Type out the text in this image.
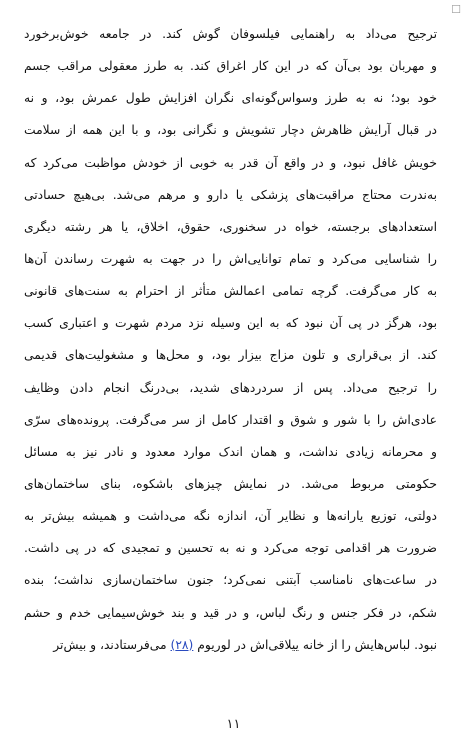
☐
ترجیح می‌داد به راهنمایی فیلسوفان گوش کند. در جامعه خوش‌برخورد
و مهربان بود بی‌آن که در این کار اغراق کند. به طرز معقولی مراقب جسم
خود بود؛ نه به طرز وسواس‌گونه‌ای نگران افزایش طول عمرش بود، و نه
در قبال آرایش ظاهرش دچار تشویش و نگرانی بود، و با این همه از سلامت
خویش غافل نبود، و در واقع آن قدر به خوبی از خودش مواظبت می‌کرد که
به‌ندرت محتاج مراقبت‌های پزشکی یا دارو و مرهم می‌شد. بی‌هیچ حسادتی
استعدادهای برجسته، خواه در سخنوری، حقوق، اخلاق، یا هر رشته دیگری
را شناسایی می‌کرد و تمام توانایی‌اش را در جهت به شهرت رساندن آن‌ها
به کار می‌گرفت. گرچه تمامی اعمالش متأثر از احترام به سنت‌های قانونی
بود، هرگز در پی آن نبود که به این وسیله نزد مردم شهرت و اعتباری کسب
کند. از بی‌قراری و تلون مزاج بیزار بود، و محل‌ها و مشغولیت‌های قدیمی
را ترجیح می‌داد. پس از سردردهای شدید، بی‌درنگ انجام دادن وظایف
عادی‌اش را با شور و شوق و اقتدار کامل از سر می‌گرفت. پرونده‌های سرّی
و محرمانه زیادی نداشت، و همان اندک موارد معدود و نادر نیز به مسائل
حکومتی مربوط می‌شد. در نمایش چیزهای باشکوه، بنای ساختمان‌های
دولتی، توزیع یارانه‌ها و نظایر آن، اندازه نگه می‌داشت و همیشه بیش‌تر به
ضرورت هر اقدامی توجه می‌کرد و نه به تحسین و تمجیدی که در پی داشت.
در ساعت‌های نامناسب آبتنی نمی‌کرد؛ جنون ساختمان‌سازی نداشت؛ بنده
شکم، در فکر جنس و رنگ لباس، و در قید و بند خوش‌سیمایی خدم و حشم
نبود. لباس‌هایش را از خانه ییلاقی‌اش در لوریوم (۲۸) می‌فرستادند، و بیش‌تر
۱۱
